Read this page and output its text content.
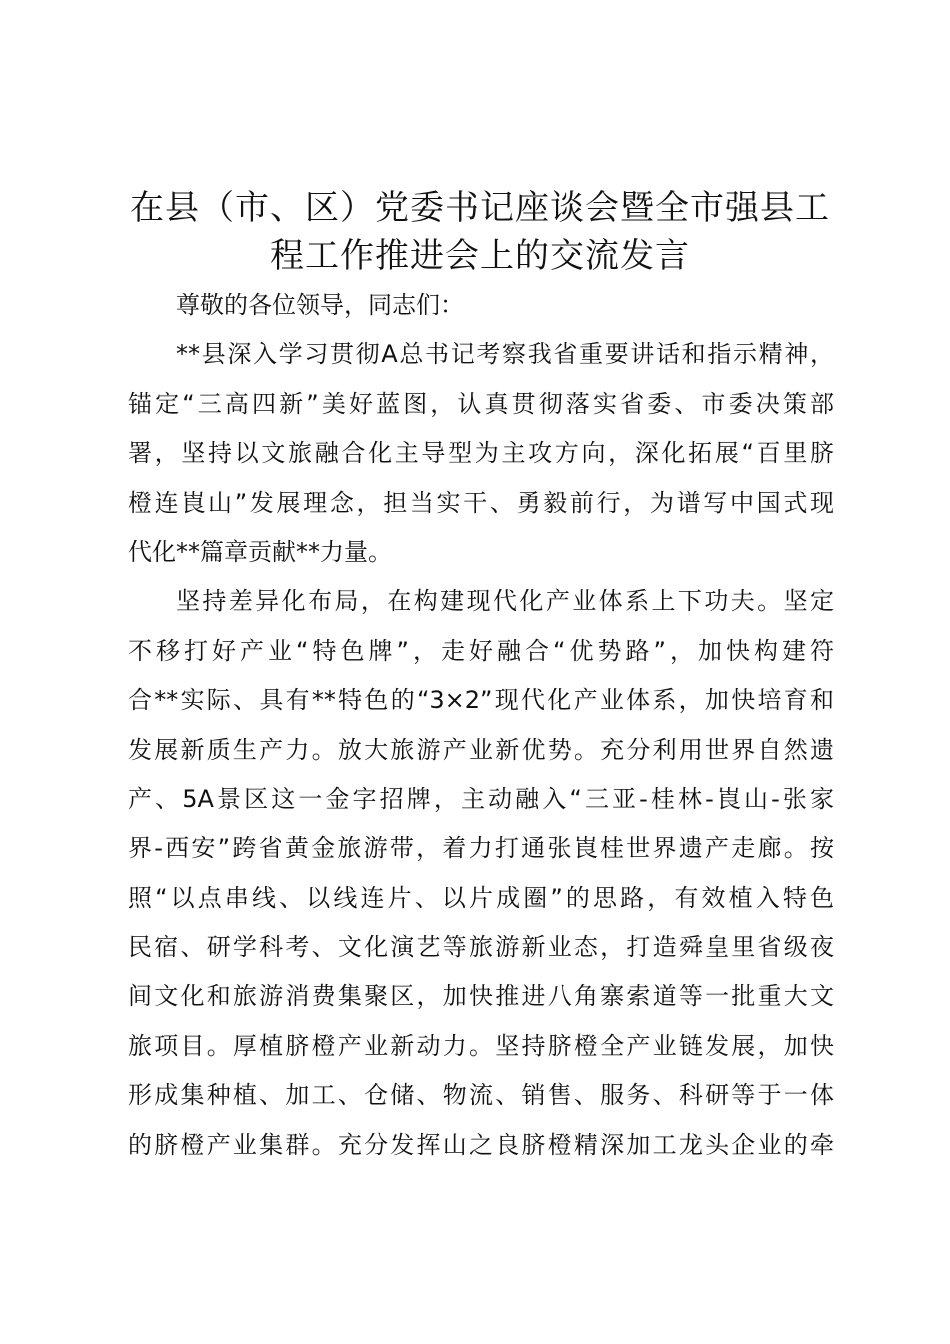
在县（市、区）党委书记座谈会暨全市强县工
程工作推进会上的交流发言
尊敬的各位领导，同志们：
**县深入学习贯彻A总书记考察我省重要讲话和指示精神，
锚定“三高四新”美好蓝图，认真贯彻落实省委、市委决策部
署，坚持以文旅融合化主导型为主攻方向，深化拓展“百里脐
橙连崀山”发展理念，担当实干、勇毅前行，为谱写中国式现
代化**篇章贡献**力量。
坚持差异化布局，在构建现代化产业体系上下功夫。坚定
不移打好产业“特色牌”，走好融合“优势路”，加快构建符
合**实际、具有**特色的“3×2”现代化产业体系，加快培育和
发展新质生产力。放大旅游产业新优势。充分利用世界自然遗
产、5A景区这一金字招牌，主动融入“三亚-桂林-崀山-张家
界-西安”跨省黄金旅游带，着力打通张崀桂世界遗产走廊。按
照“以点串线、以线连片、以片成圈”的思路，有效植入特色
民宿、研学科考、文化演艺等旅游新业态，打造舜皇里省级夜
间文化和旅游消费集聚区，加快推进八角寨索道等一批重大文
旅项目。厚植脐橙产业新动力。坚持脐橙全产业链发展，加快
形成集种植、加工、仓储、物流、销售、服务、科研等于一体
的脐橙产业集群。充分发挥山之良脐橙精深加工龙头企业的牵
